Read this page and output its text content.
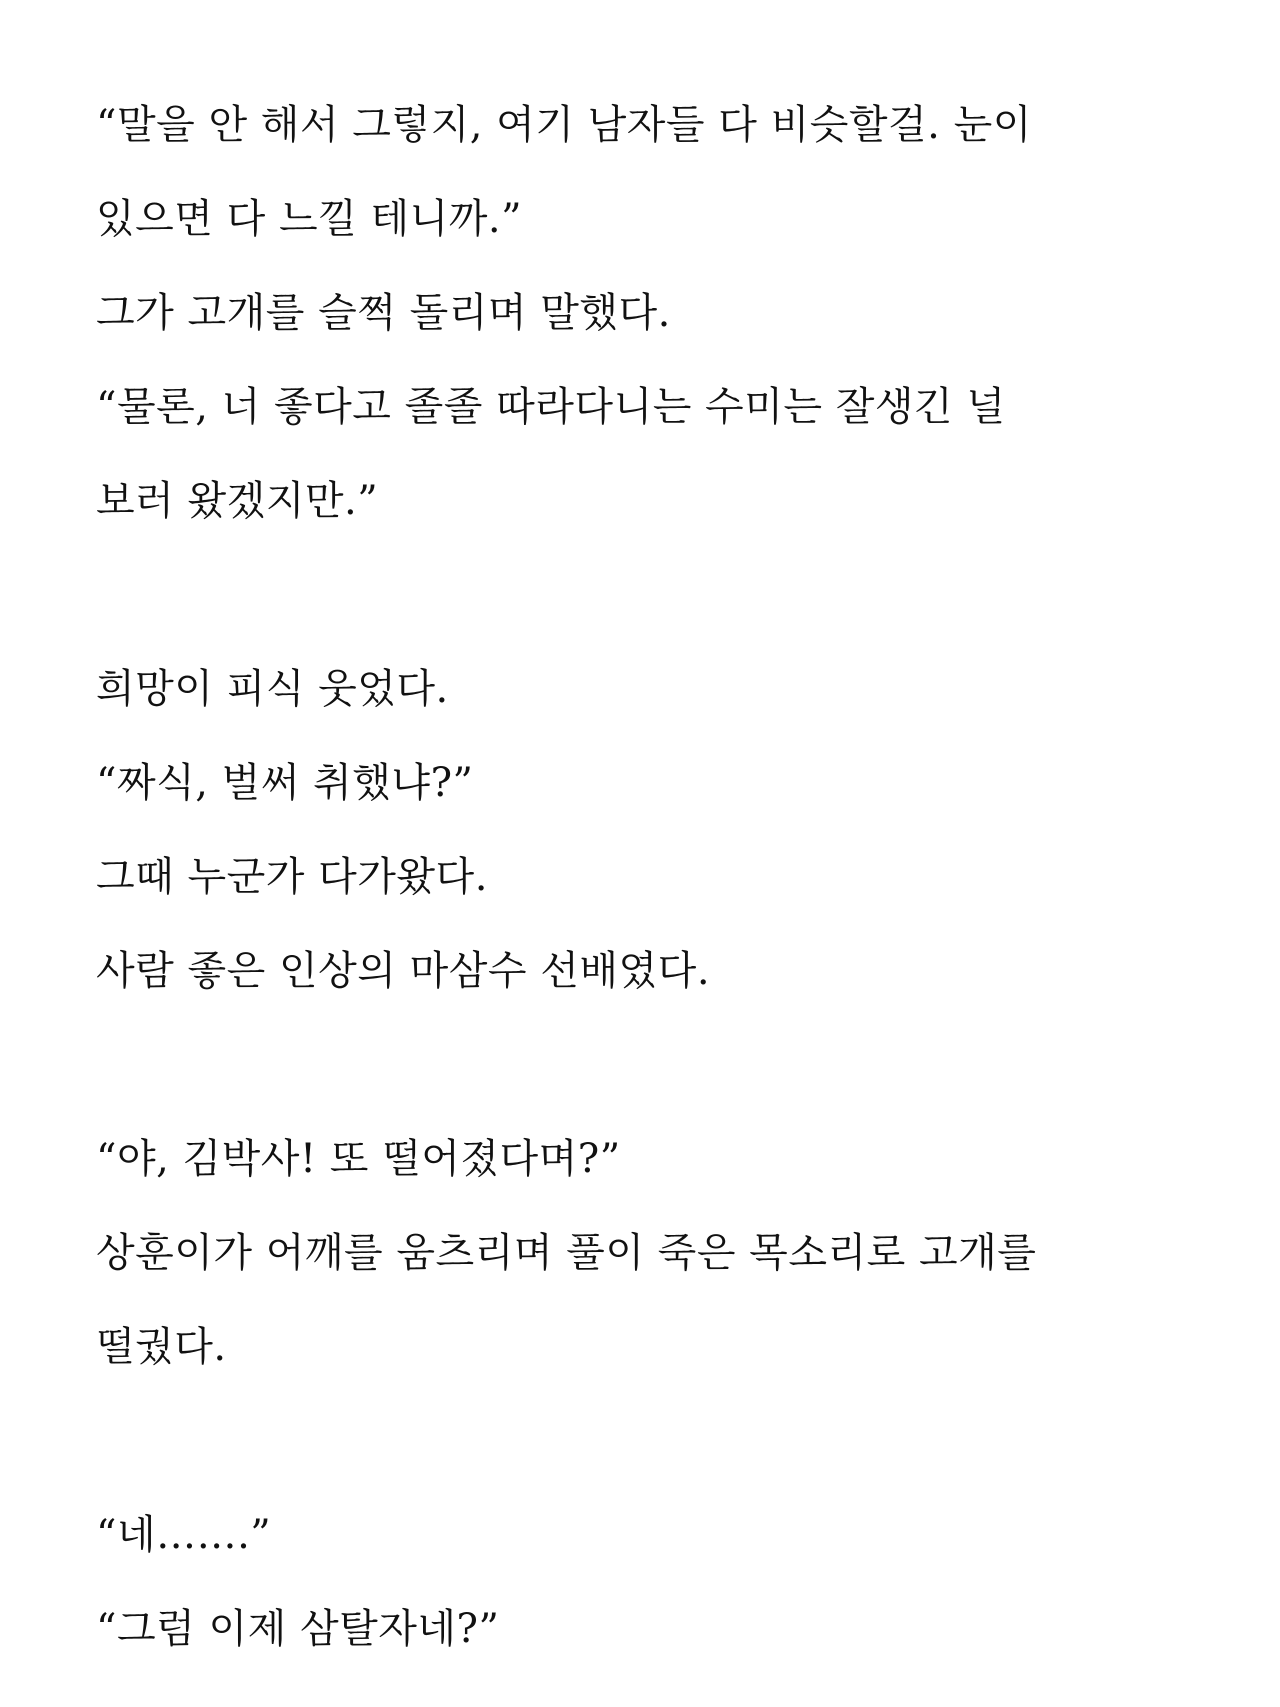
“말을 안 해서 그렇지, 여기 남자들 다 비슷할걸. 눈이
있으면 다 느낄 테니까.”
그가 고개를 슬쩍 돌리며 말했다.
“물론, 너 좋다고 졸졸 따라다니는 수미는 잘생긴 널
보러 왔겠지만.”
희망이 피식 웃었다.
“짜식, 벌써 취했냐?”
그때 누군가 다가왔다.
사람 좋은 인상의 마삼수 선배였다.
“야, 김박사! 또 떨어졌다며?”
상훈이가 어깨를 움츠리며 풀이 죽은 목소리로 고개를
떨궜다.
“네…….”
“그럼 이제 삼탈자네?”
